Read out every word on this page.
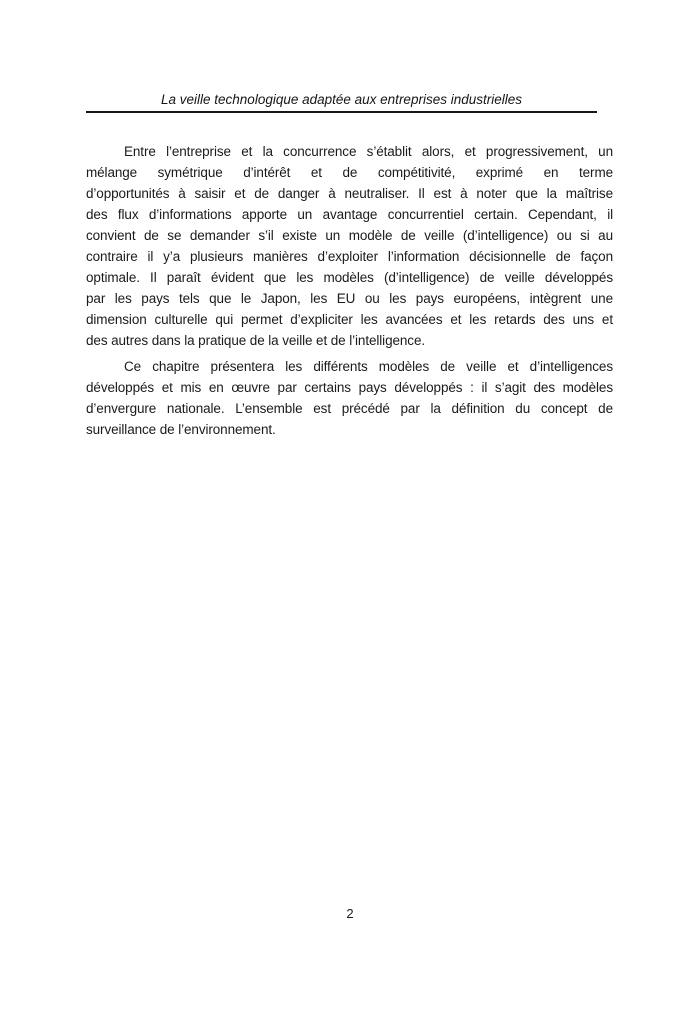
La veille technologique adaptée aux entreprises industrielles
Entre l’entreprise et la concurrence s’établit alors, et progressivement, un
mélange symétrique d’intérêt et de compétitivité, exprimé en terme
d’opportunités à saisir et de danger à neutraliser. Il est à noter que la maîtrise
des flux d’informations apporte un avantage concurrentiel certain. Cependant, il
convient de se demander s’il existe un modèle de veille (d’intelligence) ou si au
contraire il y’a plusieurs manières d’exploiter l’information décisionnelle de façon
optimale. Il paraît évident que les modèles (d’intelligence) de veille développés
par les pays tels que le Japon, les EU ou les pays européens, intègrent une
dimension culturelle qui permet d’expliciter les avancées et les retards des uns et
des autres dans la pratique de la veille et de l’intelligence.
Ce chapitre présentera les différents modèles de veille et d’intelligences
développés et mis en œuvre par certains pays développés : il s’agit des modèles
d’envergure nationale. L’ensemble est précédé par la définition du concept de
surveillance de l’environnement.
2
